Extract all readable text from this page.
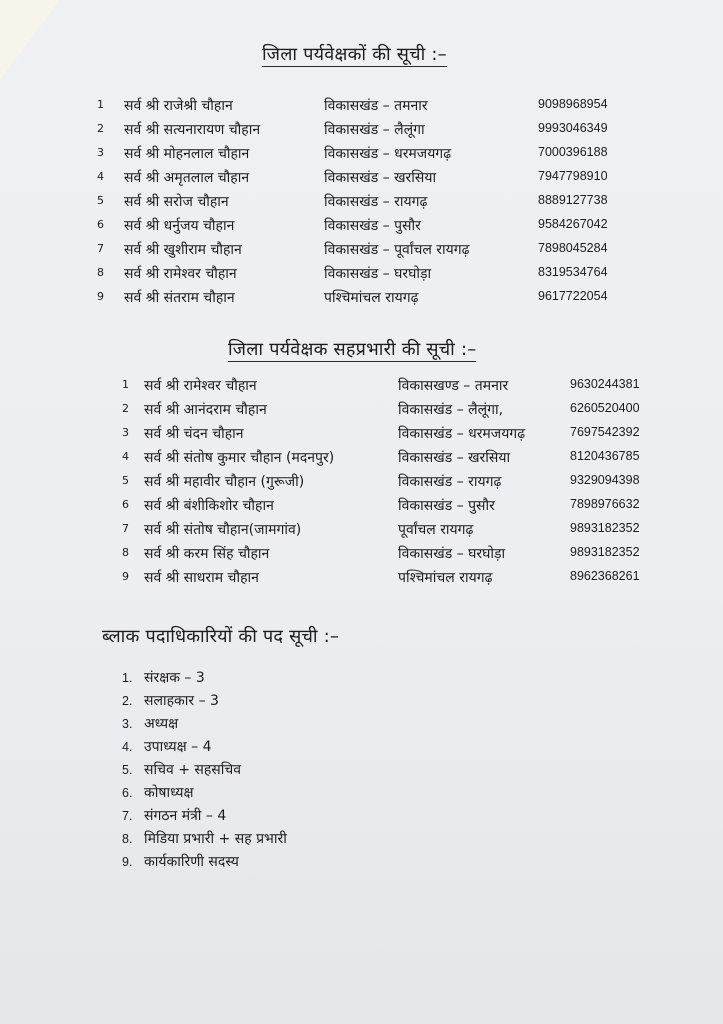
जिला पर्यवेक्षकों की सूची :–
1 सर्व श्री राजेश्री चौहान	विकासखंड – तमनार	9098968954
2 सर्व श्री सत्यनारायण चौहान	विकासखंड – लैलूंगा	9993046349
3 सर्व श्री मोहनलाल चौहान	विकासखंड – धरमजयगढ़	7000396188
4 सर्व श्री अमृतलाल चौहान	विकासखंड – खरसिया	7947798910
5 सर्व श्री सरोज चौहान	विकासखंड – रायगढ़	8889127738
6 सर्व श्री धर्नुजय चौहान	विकासखंड – पुसौर	9584267042
7 सर्व श्री खुशीराम चौहान	विकासखंड – पूर्वांचल रायगढ़	7898045284
8 सर्व श्री रामेश्वर चौहान	विकासखंड – घरघोड़ा	8319534764
9 सर्व श्री संतराम चौहान	पश्चिमांचल रायगढ़	9617722054
जिला पर्यवेक्षक सहप्रभारी की सूची :–
1 सर्व श्री रामेश्वर चौहान	विकासखण्ड – तमनार	9630244381
2 सर्व श्री आनंदराम चौहान	विकासखंड – लैलूंगा,	6260520400
3 सर्व श्री चंदन चौहान	विकासखंड – धरमजयगढ़	7697542392
4 सर्व श्री संतोष कुमार चौहान (मदनपुर)	विकासखंड – खरसिया	8120436785
5 सर्व श्री महावीर चौहान (गुरूजी)	विकासखंड – रायगढ़	9329094398
6 सर्व श्री बंशीकिशोर चौहान	विकासखंड – पुसौर	7898976632
7 सर्व श्री संतोष चौहान(जामगांव)	पूर्वांचल रायगढ़	9893182352
8 सर्व श्री करम सिंह चौहान	विकासखंड – घरघोड़ा	9893182352
9 सर्व श्री साधराम चौहान	पश्चिमांचल रायगढ़	8962368261
ब्लाक पदाधिकारियों की पद सूची :–
1. संरक्षक – 3
2. सलाहकार – 3
3. अध्यक्ष
4. उपाध्यक्ष – 4
5. सचिव + सहसचिव
6. कोषाध्यक्ष
7. संगठन मंत्री – 4
8. मिडिया प्रभारी + सह प्रभारी
9. कार्यकारिणी सदस्य
